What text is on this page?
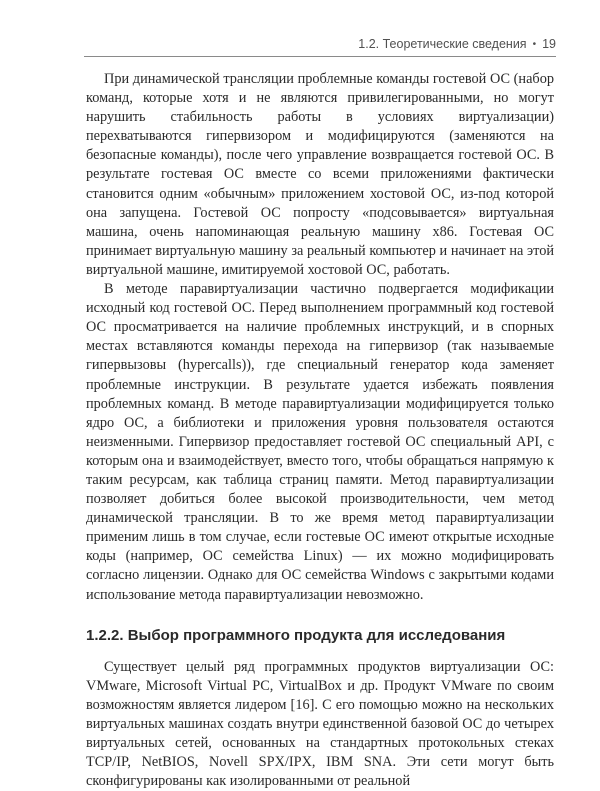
1.2. Теоретические сведения • 19

При динамической трансляции проблемные команды гостевой ОС (набор команд, которые хотя и не являются привилегированными, но могут нарушить стабильность работы в условиях виртуализации) перехватываются гипервизором и модифицируются (заменяются на безопасные команды), после чего управление возвращается гостевой ОС. В результате гостевая ОС вместе со всеми приложениями фактически становится одним «обычным» приложением хостовой ОС, из-под которой она запущена. Гостевой ОС попросту «подсовывается» виртуальная машина, очень напоминающая реальную машину x86. Гостевая ОС принимает виртуальную машину за реальный компьютер и начинает на этой виртуальной машине, имитируемой хостовой ОС, работать.

В методе паравиртуализации частично подвергается модификации исходный код гостевой ОС. Перед выполнением программный код гостевой ОС просматривается на наличие проблемных инструкций, и в спорных местах вставляются команды перехода на гипервизор (так называемые гипервызовы (hypercalls)), где специальный генератор кода заменяет проблемные инструкции. В результате удается избежать появления проблемных команд. В методе паравиртуализации модифицируется только ядро ОС, а библиотеки и приложения уровня пользователя остаются неизменными. Гипервизор предоставляет гостевой ОС специальный API, с которым она и взаимодействует, вместо того, чтобы обращаться напрямую к таким ресурсам, как таблица страниц памяти. Метод паравиртуализации позволяет добиться более высокой производительности, чем метод динамической трансляции. В то же время метод паравиртуализации применим лишь в том случае, если гостевые ОС имеют открытые исходные коды (например, ОС семейства Linux) — их можно модифицировать согласно лицензии. Однако для ОС семейства Windows с закрытыми кодами использование метода паравиртуализации невозможно.

1.2.2. Выбор программного продукта для исследования

Существует целый ряд программных продуктов виртуализации ОС: VMware, Microsoft Virtual PC, VirtualBox и др. Продукт VMware по своим возможностям является лидером [16]. С его помощью можно на нескольких виртуальных машинах создать внутри единственной базовой ОС до четырех виртуальных сетей, основанных на стандартных протокольных стеках TCP/IP, NetBIOS, Novell SPX/IPX, IBM SNA. Эти сети могут быть сконфигурированы как изолированными от реальной
